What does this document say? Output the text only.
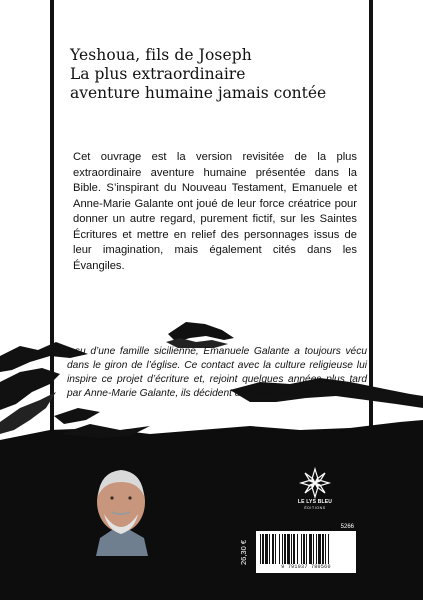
Yeshoua, fils de Joseph
La plus extraordinaire
aventure humaine jamais contée
Cet ouvrage est la version revisitée de la plus extraordinaire aventure humaine présentée dans la Bible. S’inspirant du Nouveau Testament, Emanuele et Anne-Marie Galante ont joué de leur force créatrice pour donner un autre regard, purement fictif, sur les Saintes Écritures et mettre en relief des personnages issus de leur imagination, mais également cités dans les Évangiles.
Issu d’une famille sicilienne, Emanuele Galante a toujours vécu dans le giron de l’église. Ce contact avec la culture religieuse lui inspire ce projet d’écriture et, rejoint quelques années plus tard par Anne-Marie Galante, ils décident d’en faire un livre.
LE LYS BLEU
ÉDITIONS
5266
26,30 €
9 791037 780560
